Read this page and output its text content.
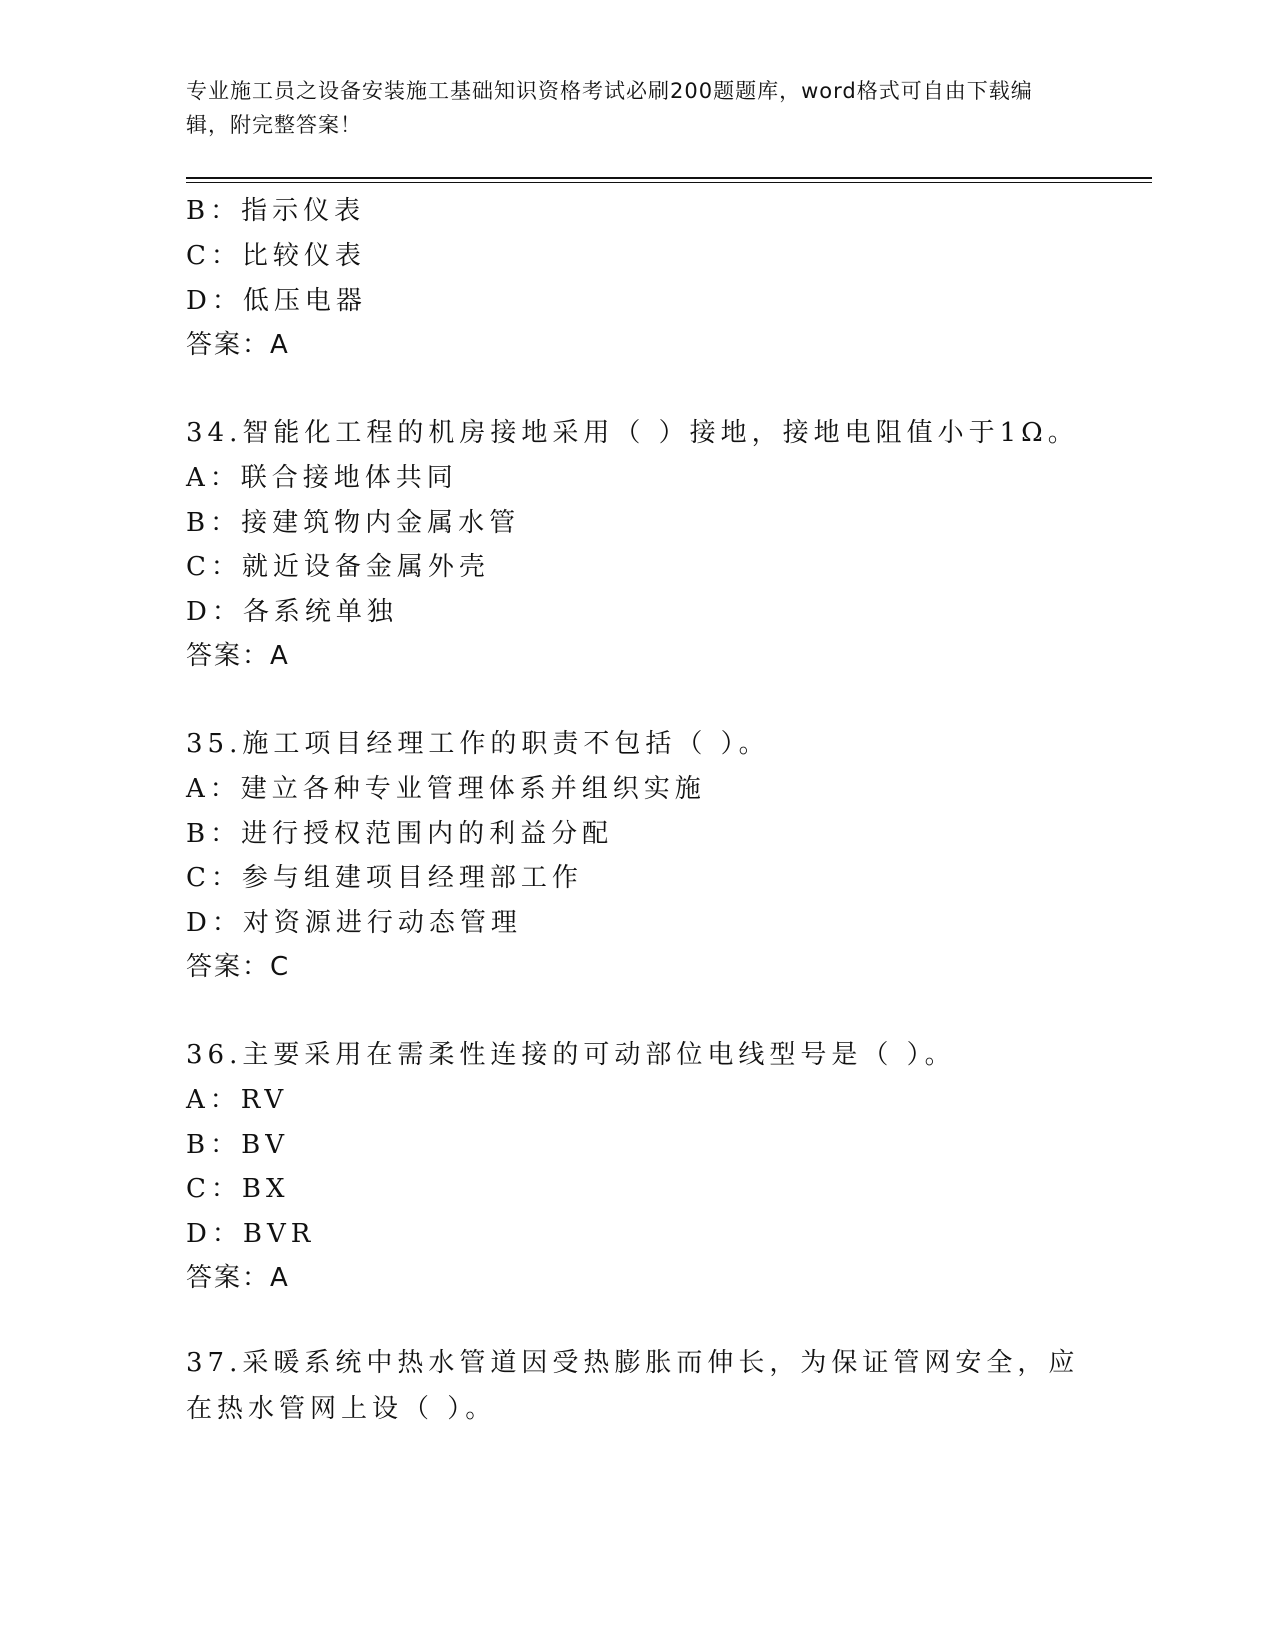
专业施工员之设备安装施工基础知识资格考试必刷200题题库，word格式可自由下载编辑，附完整答案！
B：指示仪表
C：比较仪表
D：低压电器
答案：A
34.智能化工程的机房接地采用（ ）接地，接地电阻值小于1Ω。
A：联合接地体共同
B：接建筑物内金属水管
C：就近设备金属外壳
D：各系统单独
答案：A
35.施工项目经理工作的职责不包括（ ）。
A：建立各种专业管理体系并组织实施
B：进行授权范围内的利益分配
C：参与组建项目经理部工作
D：对资源进行动态管理
答案：C
36.主要采用在需柔性连接的可动部位电线型号是（ ）。
A：RV
B：BV
C：BX
D：BVR
答案：A
37.采暖系统中热水管道因受热膨胀而伸长，为保证管网安全，应在热水管网上设（ ）。
